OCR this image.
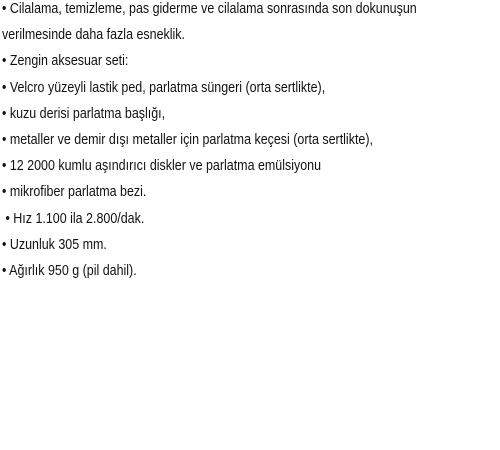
• Cilalama, temizleme, pas giderme ve cilalama sonrasında son dokunuşun
verilmesinde daha fazla esneklik.
• Zengin aksesuar seti:
• Velcro yüzeyli lastik ped, parlatma süngeri (orta sertlikte),
• kuzu derisi parlatma başlığı,
• metaller ve demir dışı metaller için parlatma keçesi (orta sertlikte),
• 12 2000 kumlu aşındırıcı diskler ve parlatma emülsiyonu
• mikrofiber parlatma bezi.
• Hız 1.100 ila 2.800/dak.
• Uzunluk 305 mm.
• Ağırlık 950 g (pil dahil).
